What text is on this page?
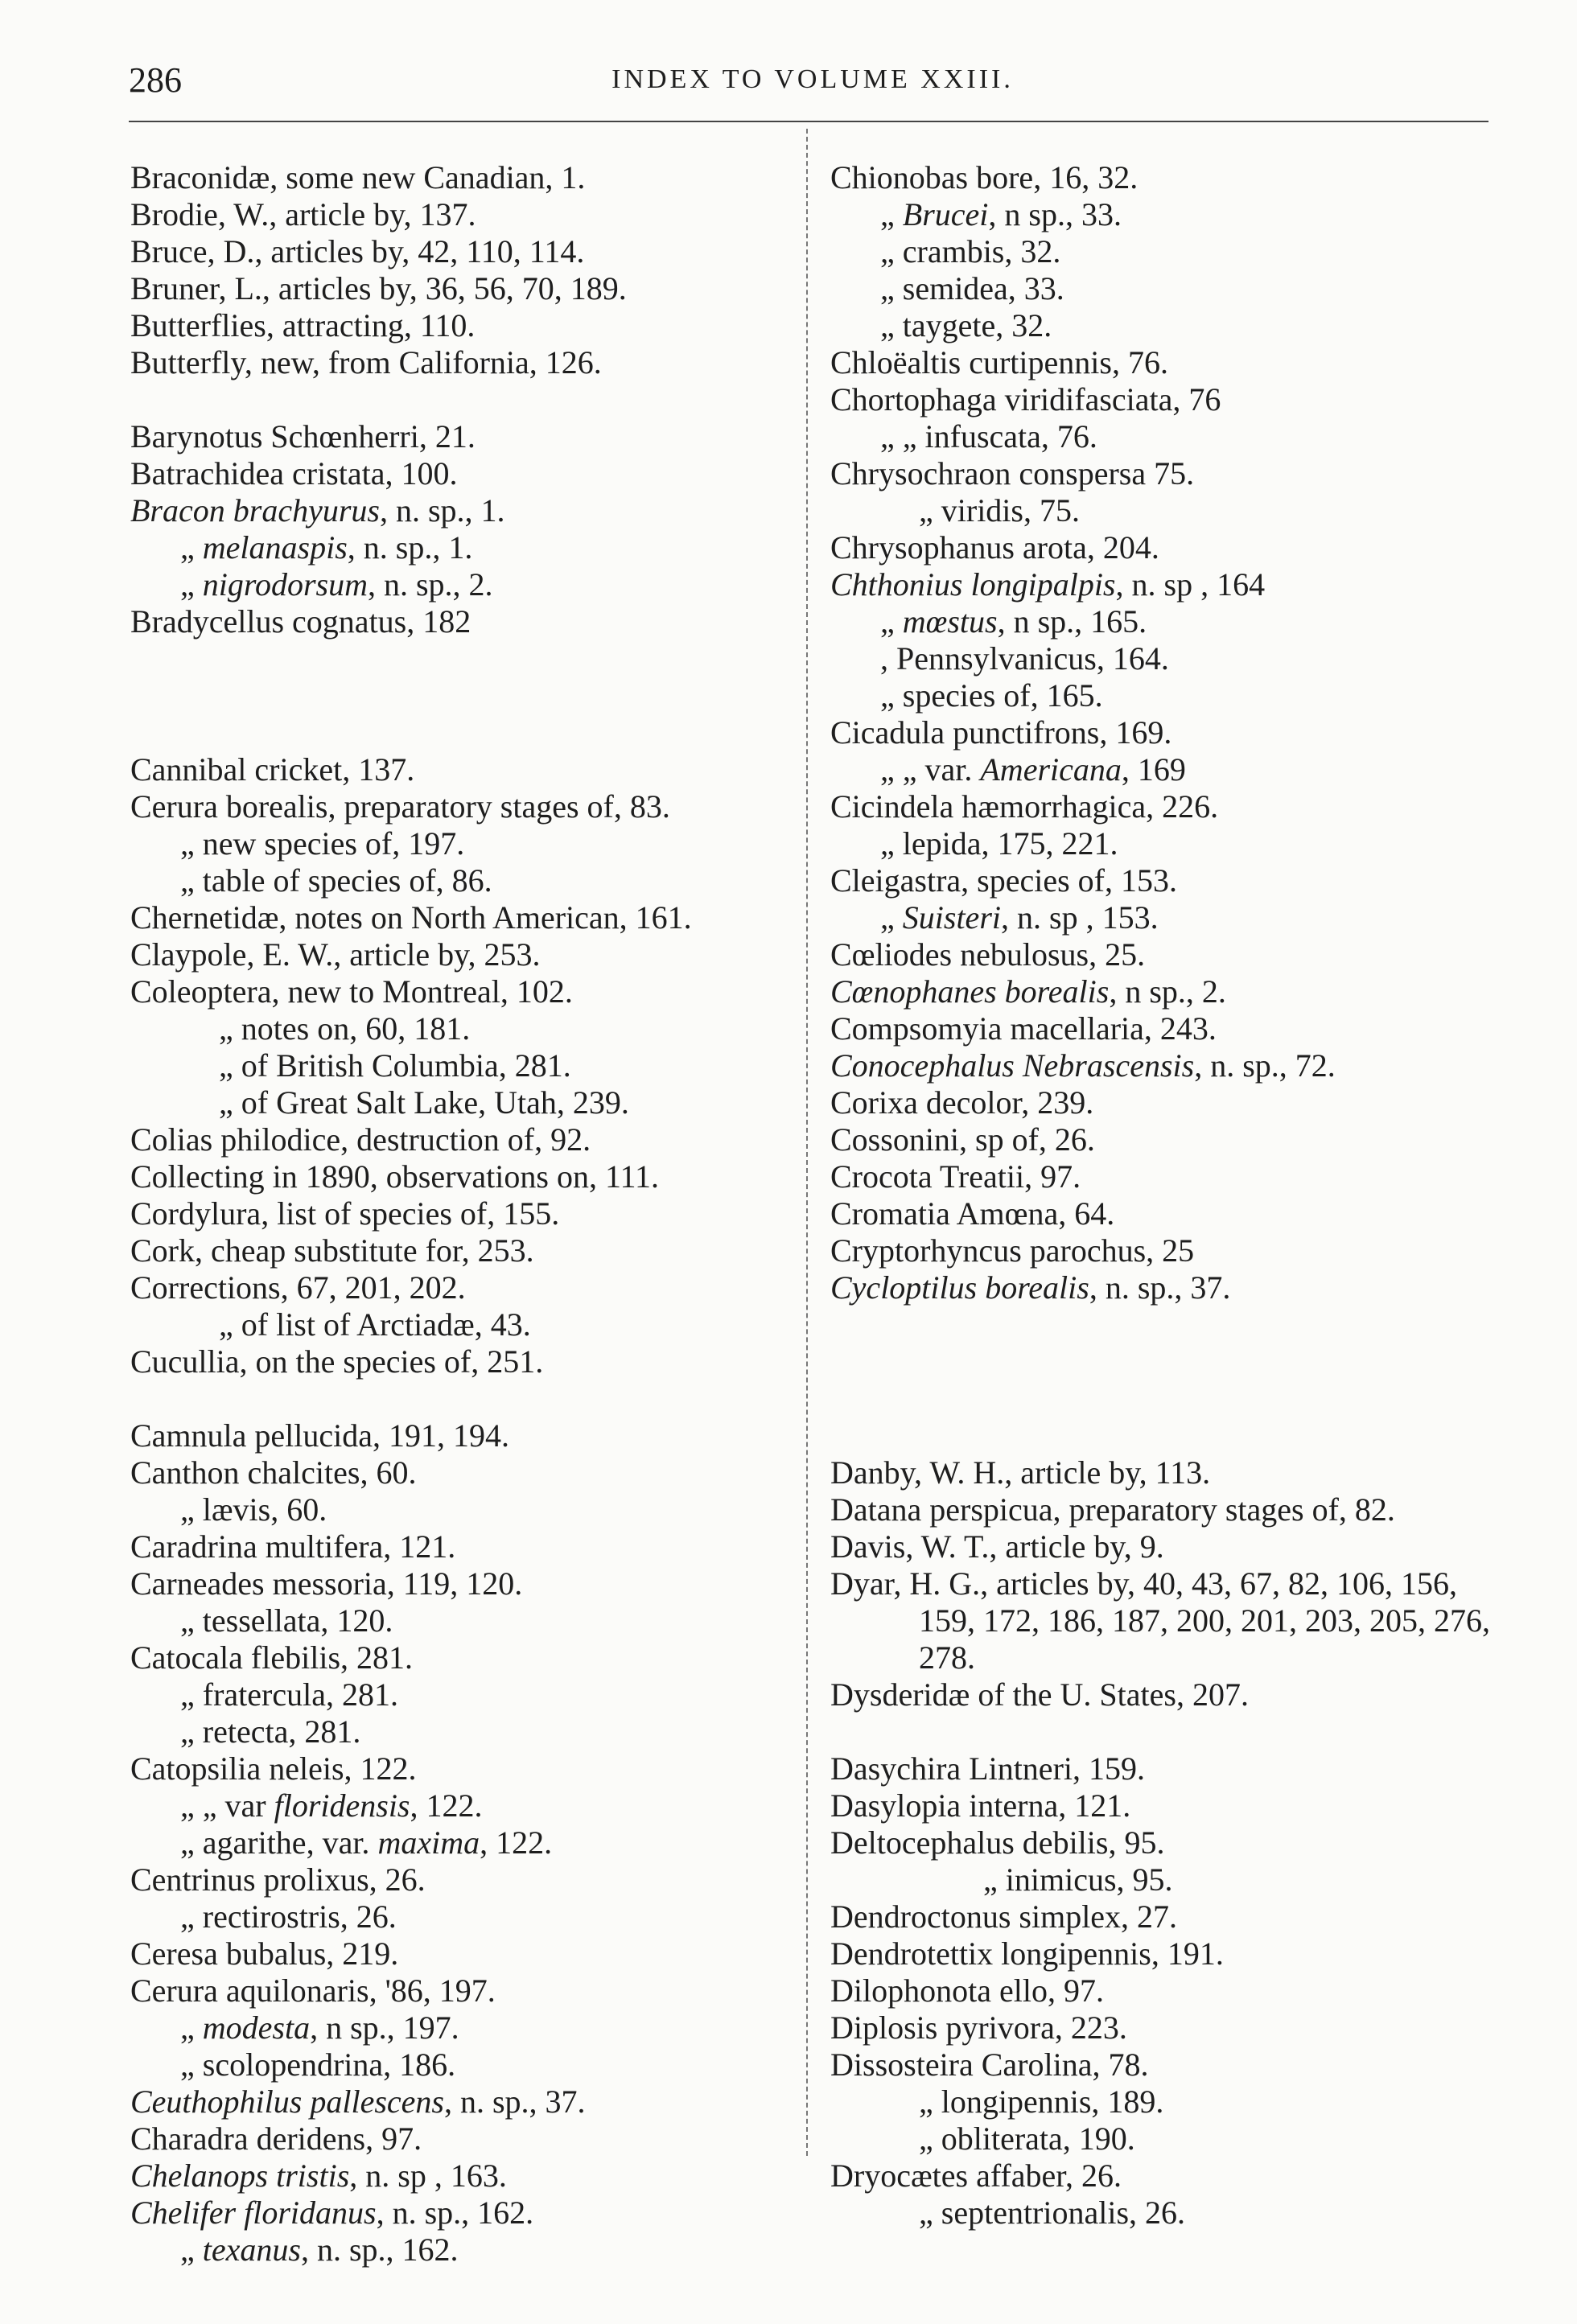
286	INDEX TO VOLUME XXIII.
Braconidæ, some new Canadian, 1.
Brodie, W., article by, 137.
Bruce, D., articles by, 42, 110, 114.
Bruner, L., articles by, 36, 56, 70, 189.
Butterflies, attracting, 110.
Butterfly, new, from California, 126.
Barynotus Schœnherri, 21.
Batrachidea cristata, 100.
Bracon brachyurus, n. sp., 1.
„ melanaspis, n. sp., 1.
„ nigrodorsum, n. sp., 2.
Bradycellus cognatus, 182
Cannibal cricket, 137.
Cerura borealis, preparatory stages of, 83.
„ new species of, 197.
„ table of species of, 86.
Chernetidæ, notes on North American, 161.
Claypole, E. W., article by, 253.
Coleoptera, new to Montreal, 102.
„ notes on, 60, 181.
„ of British Columbia, 281.
„ of Great Salt Lake, Utah, 239.
Colias philodice, destruction of, 92.
Collecting in 1890, observations on, 111.
Cordylura, list of species of, 155.
Cork, cheap substitute for, 253.
Corrections, 67, 201, 202.
„ of list of Arctiadæ, 43.
Cucullia, on the species of, 251.
Camnula pellucida, 191, 194.
Canthon chalcites, 60.
„ lævis, 60.
Caradrina multifera, 121.
Carneades messoria, 119, 120.
„ tessellata, 120.
Catocala flebilis, 281.
„ fratercula, 281.
„ retecta, 281.
Catopsilia neleis, 122.
„ „ var floridensis, 122.
„ agarithe, var. maxima, 122.
Centrinus prolixus, 26.
„ rectirostris, 26.
Ceresa bubalus, 219.
Cerura aquilonaris, '86, 197.
„ modesta, n sp., 197.
„ scolopendrina, 186.
Ceuthophilus pallescens, n. sp., 37.
Charadra deridens, 97.
Chelanops tristis, n. sp , 163.
Chelifer floridanus, n. sp., 162.
„ texanus, n. sp., 162.
Chionobas bore, 16, 32.
„ Brucei, n sp., 33.
„ crambis, 32.
„ semidea, 33.
„ taygete, 32.
Chloëaltis curtipennis, 76.
Chortophaga viridifasciata, 76
„ „ infuscata, 76.
Chrysochraon conspersa 75.
„ viridis, 75.
Chrysophanus arota, 204.
Chthonius longipalpis, n. sp , 164
„ mœstus, n sp., 165.
, Pennsylvanicus, 164.
„ species of, 165.
Cicadula punctifrons, 169.
„ „ var. Americana, 169
Cicindela hæmorrhagica, 226.
„ lepida, 175, 221.
Cleigastra, species of, 153.
„ Suisteri, n. sp , 153.
Cœliodes nebulosus, 25.
Cœnophanes borealis, n sp., 2.
Compsomyia macellaria, 243.
Conocephalus Nebrascensis, n. sp., 72.
Corixa decolor, 239.
Cossonini, sp of, 26.
Crocota Treatii, 97.
Cromatia Amœna, 64.
Cryptorhyncus parochus, 25
Cycloptilus borealis, n. sp., 37.
Danby, W. H., article by, 113.
Datana perspicua, preparatory stages of, 82.
Davis, W. T., article by, 9.
Dyar, H. G., articles by, 40, 43, 67, 82, 106, 156, 159, 172, 186, 187, 200, 201, 203, 205, 276, 278.
Dysderidæ of the U. States, 207.
Dasychira Lintneri, 159.
Dasylopia interna, 121.
Deltocephalus debilis, 95.
„ inimicus, 95.
Dendroctonus simplex, 27.
Dendrotettix longipennis, 191.
Dilophonota ello, 97.
Diplosis pyrivora, 223.
Dissosteira Carolina, 78.
„ longipennis, 189.
„ obliterata, 190.
Dryocætes affaber, 26.
„ septentrionalis, 26.
